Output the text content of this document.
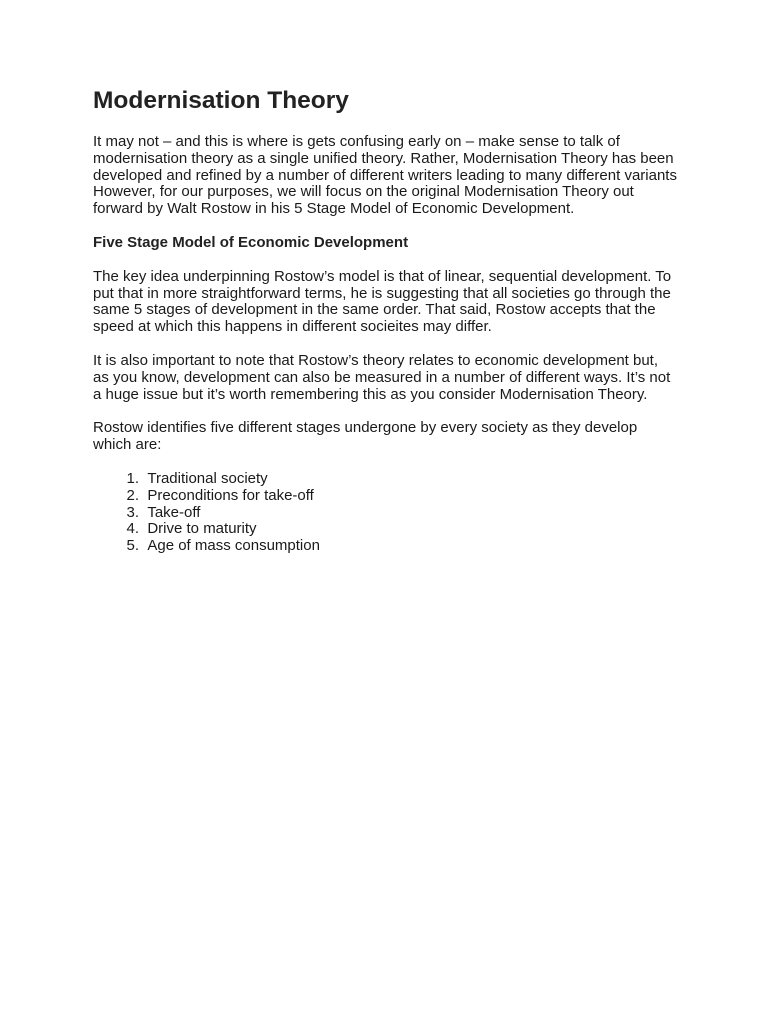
Modernisation Theory

It may not – and this is where is gets confusing early on – make sense to talk of modernisation theory as a single unified theory. Rather, Modernisation Theory has been developed and refined by a number of different writers leading to many different variants However, for our purposes, we will focus on the original Modernisation Theory out forward by Walt Rostow in his 5 Stage Model of Economic Development.

Five Stage Model of Economic Development

The key idea underpinning Rostow’s model is that of linear, sequential development. To put that in more straightforward terms, he is suggesting that all societies go through the same 5 stages of development in the same order. That said, Rostow accepts that the speed at which this happens in different socieites may differ.

It is also important to note that Rostow’s theory relates to economic development but, as you know, development can also be measured in a number of different ways. It’s not a huge issue but it’s worth remembering this as you consider Modernisation Theory.

Rostow identifies five different stages undergone by every society as they develop which are:

1. Traditional society
2. Preconditions for take-off
3. Take-off
4. Drive to maturity
5. Age of mass consumption
